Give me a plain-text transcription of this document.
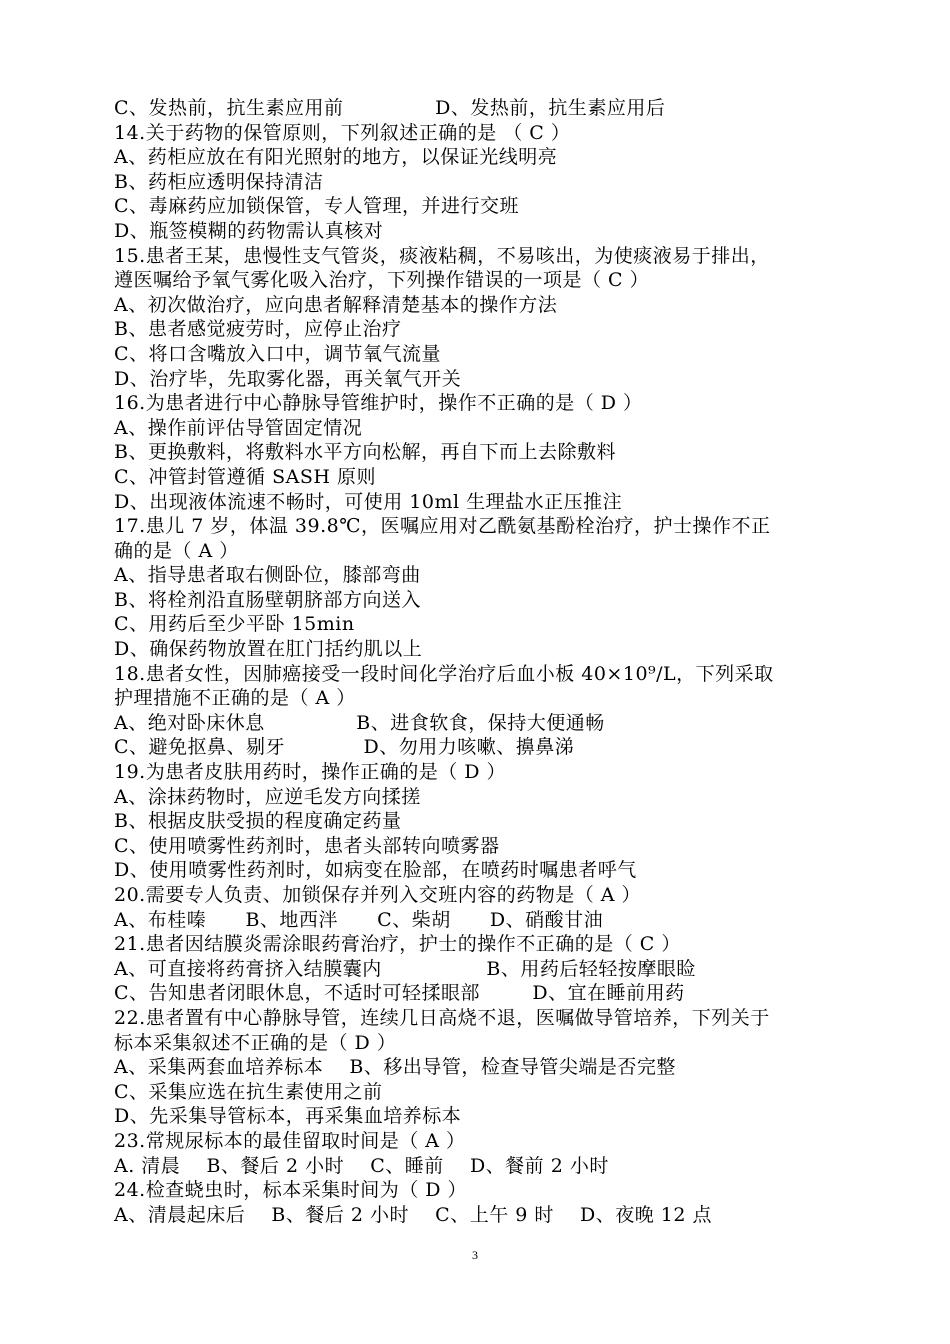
C、发热前，抗生素应用前              D、发热前，抗生素应用后
14.关于药物的保管原则，下列叙述正确的是 （ C ）
A、药柜应放在有阳光照射的地方，以保证光线明亮
B、药柜应透明保持清洁
C、毒麻药应加锁保管，专人管理，并进行交班
D、瓶签模糊的药物需认真核对
15.患者王某，患慢性支气管炎，痰液粘稠，不易咳出，为使痰液易于排出，
遵医嘱给予氧气雾化吸入治疗，下列操作错误的一项是（ C ）
A、初次做治疗，应向患者解释清楚基本的操作方法
B、患者感觉疲劳时，应停止治疗
C、将口含嘴放入口中，调节氧气流量
D、治疗毕，先取雾化器，再关氧气开关
16.为患者进行中心静脉导管维护时，操作不正确的是（ D ）
A、操作前评估导管固定情况
B、更换敷料，将敷料水平方向松解，再自下而上去除敷料
C、冲管封管遵循 SASH 原则
D、出现液体流速不畅时，可使用 10ml 生理盐水正压推注
17.患儿 7 岁，体温 39.8℃，医嘱应用对乙酰氨基酚栓治疗，护士操作不正
确的是（ A ）
A、指导患者取右侧卧位，膝部弯曲
B、将栓剂沿直肠壁朝脐部方向送入
C、用药后至少平卧 15min
D、确保药物放置在肛门括约肌以上
18.患者女性，因肺癌接受一段时间化学治疗后血小板 40×10⁹/L，下列采取
护理措施不正确的是（ A ）
A、绝对卧床休息              B、进食软食，保持大便通畅
C、避免抠鼻、剔牙            D、勿用力咳嗽、擤鼻涕
19.为患者皮肤用药时，操作正确的是（ D ）
A、涂抹药物时，应逆毛发方向揉搓
B、根据皮肤受损的程度确定药量
C、使用喷雾性药剂时，患者头部转向喷雾器
D、使用喷雾性药剂时，如病变在脸部，在喷药时嘱患者呼气
20.需要专人负责、加锁保存并列入交班内容的药物是（ A ）
A、布桂嗪      B、地西泮      C、柴胡      D、硝酸甘油
21.患者因结膜炎需涂眼药膏治疗，护士的操作不正确的是（ C ）
A、可直接将药膏挤入结膜囊内                B、用药后轻轻按摩眼睑
C、告知患者闭眼休息，不适时可轻揉眼部        D、宜在睡前用药
22.患者置有中心静脉导管，连续几日高烧不退，医嘱做导管培养，下列关于
标本采集叙述不正确的是（ D ）
A、采集两套血培养标本    B、移出导管，检查导管尖端是否完整
C、采集应选在抗生素使用之前
D、先采集导管标本，再采集血培养标本
23.常规尿标本的最佳留取时间是（ A ）
A. 清晨    B、餐后 2 小时    C、睡前    D、餐前 2 小时
24.检查蛲虫时，标本采集时间为（ D ）
A、清晨起床后    B、餐后 2 小时    C、上午 9 时    D、夜晚 12 点
3
